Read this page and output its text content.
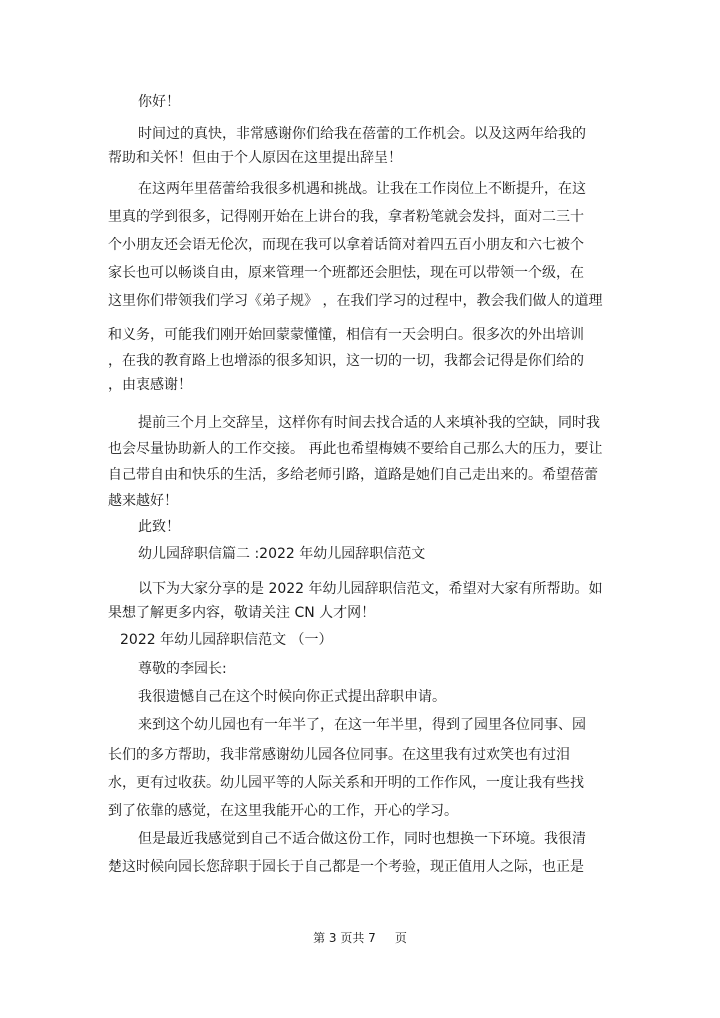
你好！
时间过的真快，非常感谢你们给我在蓓蕾的工作机会。以及这两年给我的
帮助和关怀！但由于个人原因在这里提出辞呈！
在这两年里蓓蕾给我很多机遇和挑战。让我在工作岗位上不断提升，在这
里真的学到很多，记得刚开始在上讲台的我，拿者粉笔就会发抖，面对二三十
个小朋友还会语无伦次，而现在我可以拿着话筒对着四五百小朋友和六七被个
家长也可以畅谈自由，原来管理一个班都还会胆怯，现在可以带领一个级，在
这里你们带领我们学习《弟子规》 ，在我们学习的过程中，教会我们做人的道理
和义务，可能我们刚开始回蒙蒙懂懂，相信有一天会明白。很多次的外出培训
，在我的教育路上也增添的很多知识，这一切的一切，我都会记得是你们给的
，由衷感谢！
提前三个月上交辞呈，这样你有时间去找合适的人来填补我的空缺，同时我
也会尽量协助新人的工作交接。 再此也希望梅姨不要给自己那么大的压力，要让
自己带自由和快乐的生活，多给老师引路，道路是她们自己走出来的。希望蓓蕾
越来越好！
此致！
幼儿园辞职信篇二 :2022 年幼儿园辞职信范文
以下为大家分享的是 2022 年幼儿园辞职信范文，希望对大家有所帮助。如
果想了解更多内容，敬请关注 CN 人才网！
2022 年幼儿园辞职信范文 （一）
尊敬的李园长:
我很遗憾自己在这个时候向你正式提出辞职申请。
来到这个幼儿园也有一年半了，在这一年半里，得到了园里各位同事、园
长们的多方帮助，我非常感谢幼儿园各位同事。在这里我有过欢笑也有过泪
水，更有过收获。幼儿园平等的人际关系和开明的工作作风，一度让我有些找
到了依靠的感觉，在这里我能开心的工作，开心的学习。
但是最近我感觉到自己不适合做这份工作，同时也想换一下环境。我很清
楚这时候向园长您辞职于园长于自己都是一个考验，现正值用人之际，也正是
第 3 页共 7     页
